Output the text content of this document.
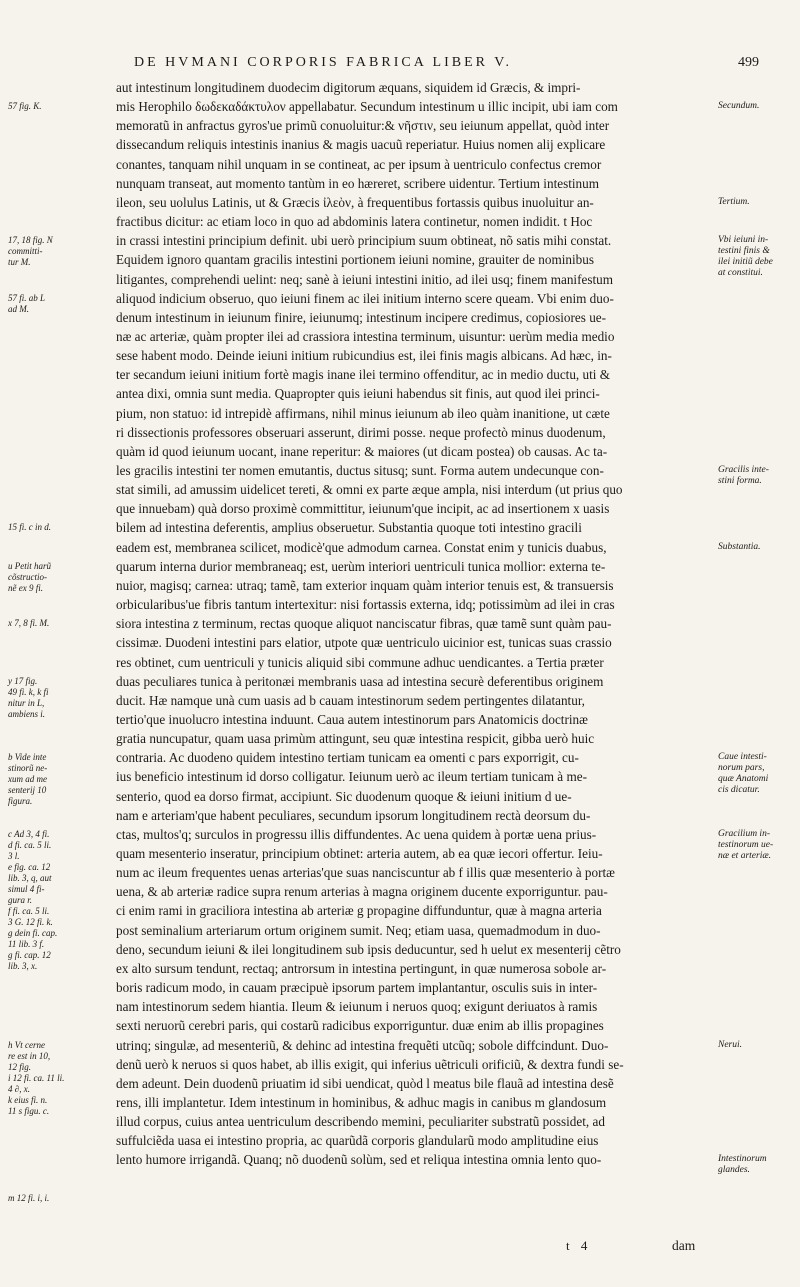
DE HVMANI CORPORIS FABRICA LIBER V.	499
57 fig. K.
17, 18 fig. N
committi-
tur M.
57 fi. ab L
ad M.
15 fi. c in d.
u Petit harũ
cõstructio-
nẽ ex 9 fi.
x 7, 8 fi. M.
y 17 fig.
49 fi. k, k fi
nitur in L,
ambiens i.
b Vide inte
stinorũ ne-
xum ad me
senterij 10
figura.
c Ad 3, 4 fi.
d fi. ca. 5 li.
3 l.
e fig. ca. 12
lib. 3, q, aut
simul 4 fi-
gura r.
f fi. ca. 5 li.
3 G. 12 fi. k.
g dein fi. cap.
11 lib. 3 f.
g fi. cap. 12
lib. 3, x.
h Vt cerne
re est in 10,
12 fig.
i 12 fi. ca. 11 li.
4 ∂, x.
k eius fi. n.
11 s figu. c.
m 12 fi. i, i.
aut intestinum longitudinem duodecim digitorum æquans, siquidem id Græcis, & impri-
mis Herophilo δωδεκαδάκτυλον appellabatur. Secundum intestinum u illic incipit, ubi iam com
memoratũ in anfractus gyros'ue primũ conuoluitur:& νῆστιν, seu ieiunum appellat, quòd inter
dissecandum reliquis intestinis inanius & magis uacuũ reperiatur. Huius nomen alij explicare
conantes, tanquam nihil unquam in se contineat, ac per ipsum à uentriculo confectus cremor
nunquam transeat, aut momento tantùm in eo hæreret, scribere uidentur. Tertium intestinum
ileon, seu uolulus Latinis, ut & Græcis ἰλεὸν, à frequentibus fortassis quibus inuoluitur an-
fractibus dicitur: ac etiam loco in quo ad abdominis latera continetur, nomen indidit. t Hoc
in crassi intestini principium definit. ubi uerò principium suum obtineat, nõ satis mihi constat.
Equidem ignoro quantam gracilis intestini portionem ieiuni nomine, grauiter de nominibus
litigantes, comprehendi uelint: neq; sanè à ieiuni intestini initio, ad ilei usq; finem manifestum
aliquod indicium obseruo, quo ieiuni finem ac ilei initium interno scere queam. Vbi enim duo-
denum intestinum in ieiunum finire, ieiunumq; intestinum incipere credimus, copiosiores ue-
næ ac arteriæ, quàm propter ilei ad crassiora intestina terminum, uisuntur: uerùm media medio
sese habent modo. Deinde ieiuni initium rubicundius est, ilei finis magis albicans. Ad hæc, in-
ter secandum ieiuni initium fortè magis inane ilei termino offenditur, ac in medio ductu, uti &
antea dixi, omnia sunt media. Quapropter quis ieiuni habendus sit finis, aut quod ilei princi-
pium, non statuo: id intrepidè affirmans, nihil minus ieiunum ab ileo quàm inanitione, ut cæte
ri dissectionis professores obseruari asserunt, dirimi posse. neque profectò minus duodenum,
quàm id quod ieiunum uocant, inane reperitur: & maiores (ut dicam postea) ob causas. Ac ta-
les gracilis intestini ter nomen emutantis, ductus situsq; sunt. Forma autem undecunque con-
stat simili, ad amussim uidelicet tereti, & omni ex parte æque ampla, nisi interdum (ut prius quo
que innuebam) quà dorso proximè committitur, ieiunum'que incipit, ac ad insertionem x uasis
bilem ad intestina deferentis, amplius obseruetur. Substantia quoque toti intestino gracili
eadem est, membranea scilicet, modicè'que admodum carnea. Constat enim y tunicis duabus,
quarum interna durior membraneaq; est, uerùm interiori uentriculi tunica mollior: externa te-
nuior, magisq; carnea: utraq; tamẽ, tam exterior inquam quàm interior tenuis est, & transuersis
orbicularibus'ue fibris tantum intertexitur: nisi fortassis externa, idq; potissimùm ad ilei in cras
siora intestina z terminum, rectas quoque aliquot nanciscatur fibras, quæ tamẽ sunt quàm pau-
cissimæ. Duodeni intestini pars elatior, utpote quæ uentriculo uicinior est, tunicas suas crassio
res obtinet, cum uentriculi y tunicis aliquid sibi commune adhuc uendicantes. a Tertia præter
duas peculiares tunica à peritonæi membranis uasa ad intestina securè deferentibus originem
ducit. Hæ namque unà cum uasis ad b cauam intestinorum sedem pertingentes dilatantur,
tertio'que inuolucro intestina induunt. Caua autem intestinorum pars Anatomicis doctrinæ
gratia nuncupatur, quam uasa primùm attingunt, seu quæ intestina respicit, gibba uerò huic
contraria. Ac duodeno quidem intestino tertiam tunicam ea omenti c pars exporrigit, cu-
ius beneficio intestinum id dorso colligatur. Ieiunum uerò ac ileum tertiam tunicam à me-
senterio, quod ea dorso firmat, accipiunt. Sic duodenum quoque & ieiuni initium d ue-
nam e arteriam'que habent peculiares, secundum ipsorum longitudinem rectà deorsum du-
ctas, multos'q; surculos in progressu illis diffundentes. Ac uena quidem à portæ uena prius-
quam mesenterio inseratur, principium obtinet: arteria autem, ab ea quæ iecori offertur. Ieiu-
num ac ileum frequentes uenas arterias'que suas nanciscuntur ab f illis quæ mesenterio à portæ
uena, & ab arteriæ radice supra renum arterias à magna originem ducente exporriguntur. pau-
ci enim rami in graciliora intestina ab arteriæ g propagine diffunduntur, quæ à magna arteria
post seminalium arteriarum ortum originem sumit. Neq; etiam uasa, quemadmodum in duo-
deno, secundum ieiuni & ilei longitudinem sub ipsis deducuntur, sed h uelut ex mesenterij cẽtro
ex alto sursum tendunt, rectaq; antrorsum in intestina pertingunt, in quæ numerosa sobole ar-
boris radicum modo, in cauam præcipuè ipsorum partem implantantur, osculis suis in inter-
nam intestinorum sedem hiantia. Ileum & ieiunum i neruos quoq; exigunt deriuatos à ramis
sexti neruorũ cerebri paris, qui costarũ radicibus exporriguntur. duæ enim ab illis propagines
utrinq; singulæ, ad mesenteriũ, & dehinc ad intestina frequẽti utcũq; sobole diffcindunt. Duo-
denũ uerò k neruos si quos habet, ab illis exigit, qui inferius uẽtriculi orificiũ, & dextra fundi se-
dem adeunt. Dein duodenũ priuatim id sibi uendicat, quòd l meatus bile flauã ad intestina desẽ
rens, illi implantetur. Idem intestinum in hominibus, & adhuc magis in canibus m glandosum
illud corpus, cuius antea uentriculum describendo memini, peculiariter substratũ possidet, ad
suffulciẽda uasa ei intestino propria, ac quarũdã corporis glandularũ modo amplitudine eius
lento humore irrigandã. Quanq; nõ duodenũ solùm, sed et reliqua intestina omnia lento quo-
Secundum.
Tertium.
Vbi ieiuni in-
testini finis &
ilei initiũ debe
at constitui.
Gracilis inte-
stini forma.
Substantia.
Caue intesti-
norum pars,
quæ Anatomi
cis dicatur.
Gracilium in-
testinorum ue-
næ et arteriæ.
Nerui.
Intestinorum
glandes.
t 4	dam
